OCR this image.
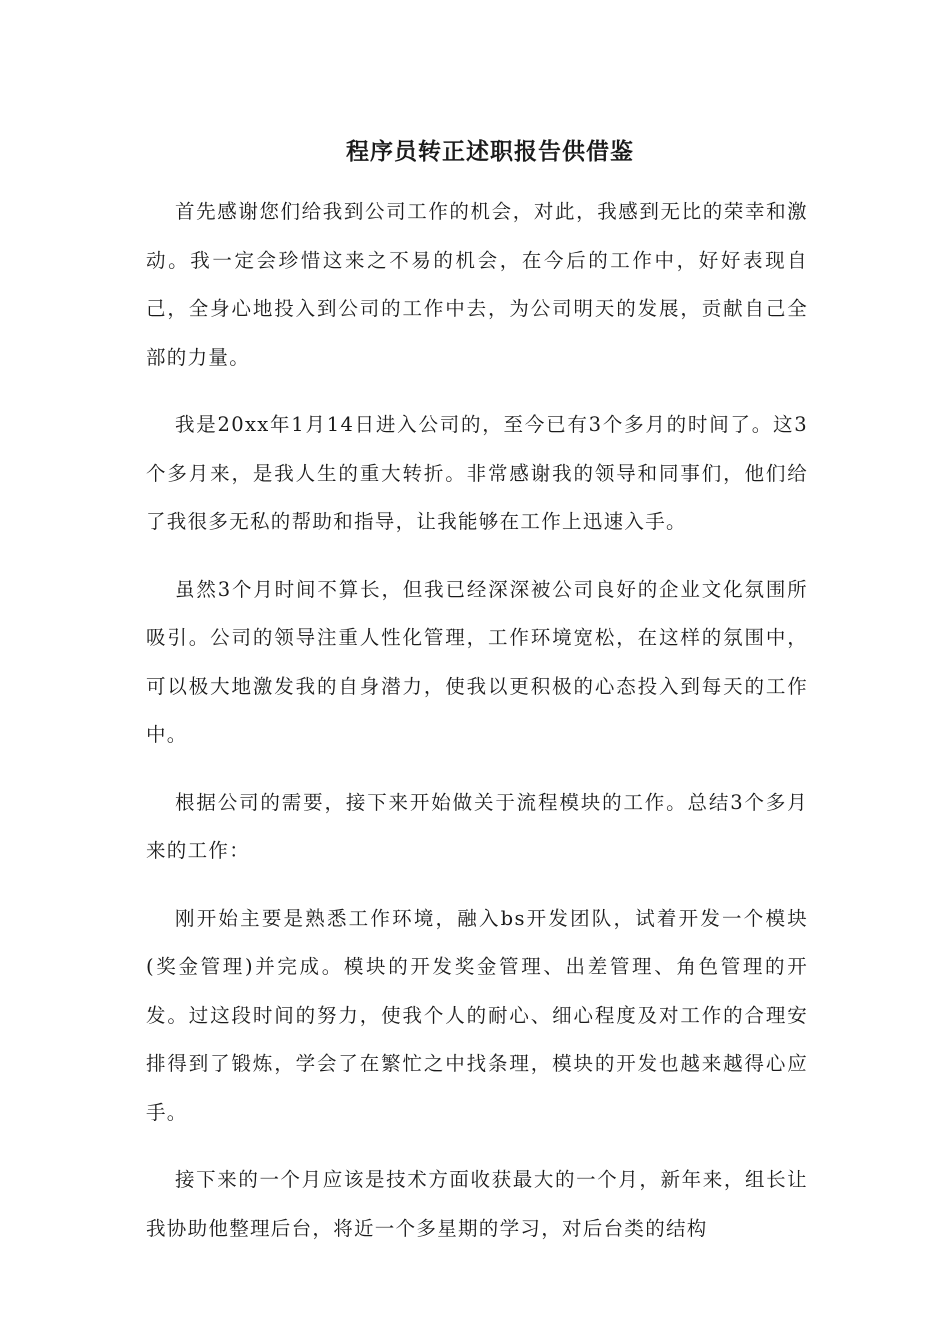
程序员转正述职报告供借鉴

首先感谢您们给我到公司工作的机会，对此，我感到无比的荣幸和激动。我一定会珍惜这来之不易的机会，在今后的工作中，好好表现自己，全身心地投入到公司的工作中去，为公司明天的发展，贡献自己全部的力量。

我是20xx年1月14日进入公司的，至今已有3个多月的时间了。这3个多月来，是我人生的重大转折。非常感谢我的领导和同事们，他们给了我很多无私的帮助和指导，让我能够在工作上迅速入手。

虽然3个月时间不算长，但我已经深深被公司良好的企业文化氛围所吸引。公司的领导注重人性化管理，工作环境宽松，在这样的氛围中，可以极大地激发我的自身潜力，使我以更积极的心态投入到每天的工作中。

根据公司的需要，接下来开始做关于流程模块的工作。总结3个多月来的工作：

刚开始主要是熟悉工作环境，融入bs开发团队，试着开发一个模块(奖金管理)并完成。模块的开发奖金管理、出差管理、角色管理的开发。过这段时间的努力，使我个人的耐心、细心程度及对工作的合理安排得到了锻炼，学会了在繁忙之中找条理，模块的开发也越来越得心应手。

接下来的一个月应该是技术方面收获最大的一个月，新年来，组长让我协助他整理后台，将近一个多星期的学习，对后台类的结构
